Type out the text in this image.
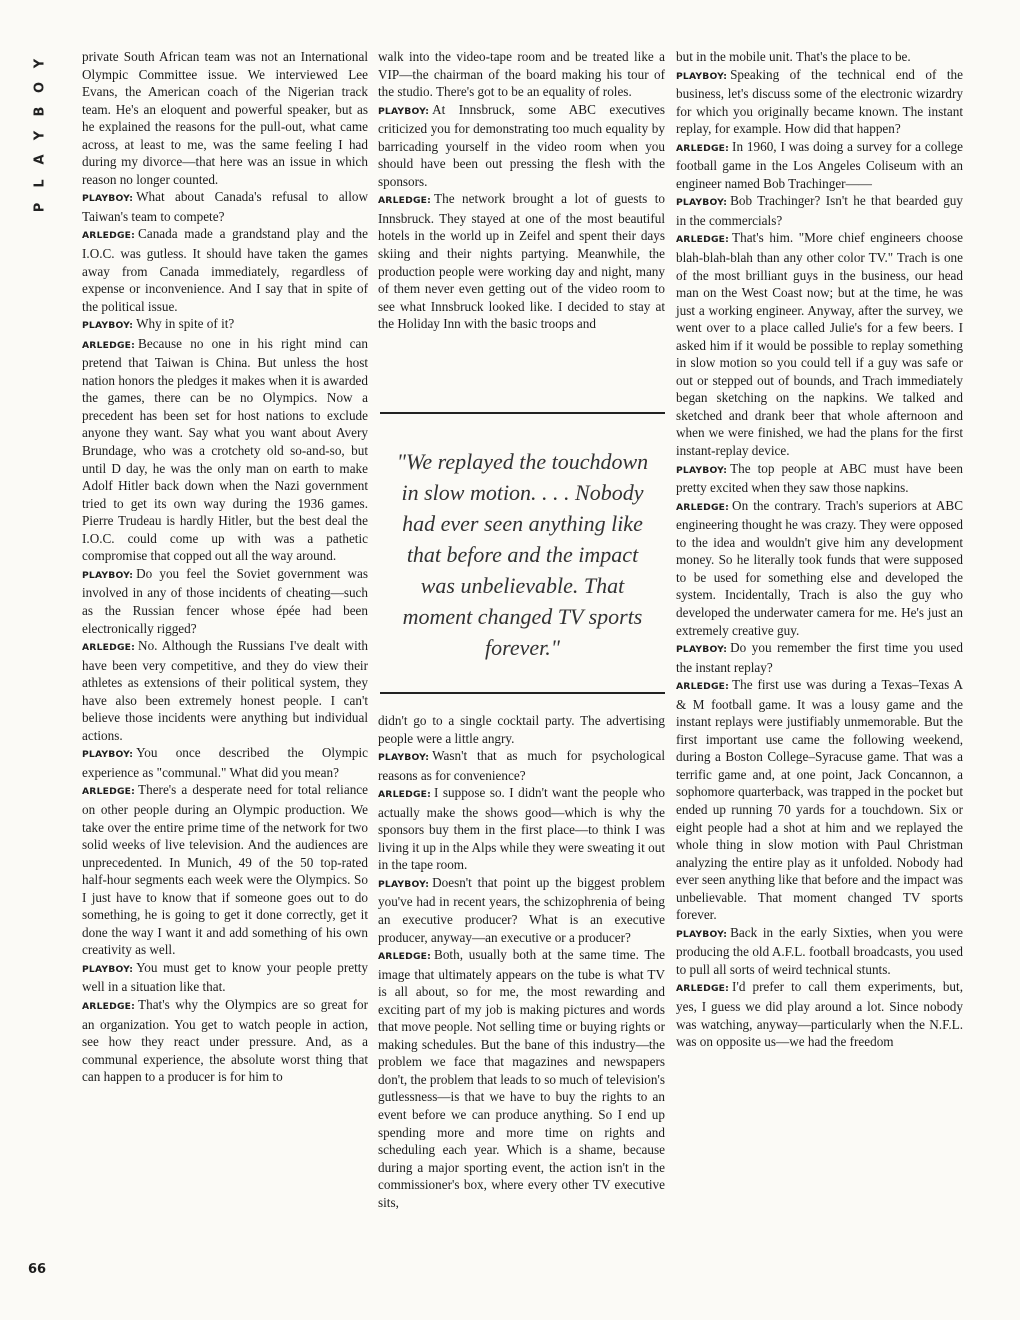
P
L
A
Y
B
O
Y	private South African team was not an International Olympic Committee issue. We interviewed Lee Evans, the American coach of the Nigerian track team. He's an eloquent and powerful speaker, but as he explained the reasons for the pull-out, what came across, at least to me, was the same feeling I had during my divorce—that here was an issue in which reason no longer counted.

PLAYBOY: What about Canada's refusal to allow Taiwan's team to compete?

ARLEDGE: Canada made a grandstand play and the I.O.C. was gutless. It should have taken the games away from Canada immediately, regardless of expense or inconvenience. And I say that in spite of the political issue.

PLAYBOY: Why in spite of it?

ARLEDGE: Because no one in his right mind can pretend that Taiwan is China. But unless the host nation honors the pledges it makes when it is awarded the games, there can be no Olympics. Now a precedent has been set for host nations to exclude anyone they want. Say what you want about Avery Brundage, who was a crotchety old so-and-so, but until D day, he was the only man on earth to make Adolf Hitler back down when the Nazi government tried to get its own way during the 1936 games. Pierre Trudeau is hardly Hitler, but the best deal the I.O.C. could come up with was a pathetic compromise that copped out all the way around.

PLAYBOY: Do you feel the Soviet government was involved in any of those incidents of cheating—such as the Russian fencer whose épée had been electronically rigged?

ARLEDGE: No. Although the Russians I've dealt with have been very competitive, and they do view their athletes as extensions of their political system, they have also been extremely honest people. I can't believe those incidents were anything but individual actions.

PLAYBOY: You once described the Olympic experience as "communal." What did you mean?

ARLEDGE: There's a desperate need for total reliance on other people during an Olympic production. We take over the entire prime time of the network for two solid weeks of live television. And the audiences are unprecedented. In Munich, 49 of the 50 top-rated half-hour segments each week were the Olympics. So I just have to know that if someone goes out to do something, he is going to get it done correctly, get it done the way I want it and add something of his own creativity as well.

PLAYBOY: You must get to know your people pretty well in a situation like that.

ARLEDGE: That's why the Olympics are so great for an organization. You get to watch people in action, see how they react under pressure. And, as a communal experience, the absolute worst thing that can happen to a producer is for him to

walk into the video-tape room and be treated like a VIP—the chairman of the board making his tour of the studio. There's got to be an equality of roles.

PLAYBOY: At Innsbruck, some ABC executives criticized you for demonstrating too much equality by barricading yourself in the video room when you should have been out pressing the flesh with the sponsors.

ARLEDGE: The network brought a lot of guests to Innsbruck. They stayed at one of the most beautiful hotels in the world up in Zeifel and spent their days skiing and their nights partying. Meanwhile, the production people were working day and night, many of them never even getting out of the video room to see what Innsbruck looked like. I decided to stay at the Holiday Inn with the basic troops and

"We replayed the touchdown in slow motion. . . . Nobody had ever seen anything like that before and the impact was unbelievable. That moment changed TV sports forever."

didn't go to a single cocktail party. The advertising people were a little angry.

PLAYBOY: Wasn't that as much for psychological reasons as for convenience?

ARLEDGE: I suppose so. I didn't want the people who actually make the shows good—which is why the sponsors buy them in the first place—to think I was living it up in the Alps while they were sweating it out in the tape room.

PLAYBOY: Doesn't that point up the biggest problem you've had in recent years, the schizophrenia of being an executive producer? What is an executive producer, anyway—an executive or a producer?

ARLEDGE: Both, usually both at the same time. The image that ultimately appears on the tube is what TV is all about, so for me, the most rewarding and exciting part of my job is making pictures and words that move people. Not selling time or buying rights or making schedules. But the bane of this industry—the problem we face that magazines and newspapers don't, the problem that leads to so much of television's gutlessness—is that we have to buy the rights to an event before we can produce anything. So I end up spending more and more time on rights and scheduling each year. Which is a shame, because during a major sporting event, the action isn't in the commissioner's box, where every other TV executive sits,

but in the mobile unit. That's the place to be.

PLAYBOY: Speaking of the technical end of the business, let's discuss some of the electronic wizardry for which you originally became known. The instant replay, for example. How did that happen?

ARLEDGE: In 1960, I was doing a survey for a college football game in the Los Angeles Coliseum with an engineer named Bob Trachinger——

PLAYBOY: Bob Trachinger? Isn't he that bearded guy in the commercials?

ARLEDGE: That's him. "More chief engineers choose blah-blah-blah than any other color TV." Trach is one of the most brilliant guys in the business, our head man on the West Coast now; but at the time, he was just a working engineer. Anyway, after the survey, we went over to a place called Julie's for a few beers. I asked him if it would be possible to replay something in slow motion so you could tell if a guy was safe or out or stepped out of bounds, and Trach immediately began sketching on the napkins. We talked and sketched and drank beer that whole afternoon and when we were finished, we had the plans for the first instant-replay device.

PLAYBOY: The top people at ABC must have been pretty excited when they saw those napkins.

ARLEDGE: On the contrary. Trach's superiors at ABC engineering thought he was crazy. They were opposed to the idea and wouldn't give him any development money. So he literally took funds that were supposed to be used for something else and developed the system. Incidentally, Trach is also the guy who developed the underwater camera for me. He's just an extremely creative guy.

PLAYBOY: Do you remember the first time you used the instant replay?

ARLEDGE: The first use was during a Texas–Texas A & M football game. It was a lousy game and the instant replays were justifiably unmemorable. But the first important use came the following weekend, during a Boston College–Syracuse game. That was a terrific game and, at one point, Jack Concannon, a sophomore quarterback, was trapped in the pocket but ended up running 70 yards for a touchdown. Six or eight people had a shot at him and we replayed the whole thing in slow motion with Paul Christman analyzing the entire play as it unfolded. Nobody had ever seen anything like that before and the impact was unbelievable. That moment changed TV sports forever.

PLAYBOY: Back in the early Sixties, when you were producing the old A.F.L. football broadcasts, you used to pull all sorts of weird technical stunts.

ARLEDGE: I'd prefer to call them experiments, but, yes, I guess we did play around a lot. Since nobody was watching, anyway—particularly when the N.F.L. was on opposite us—we had the freedom

66
